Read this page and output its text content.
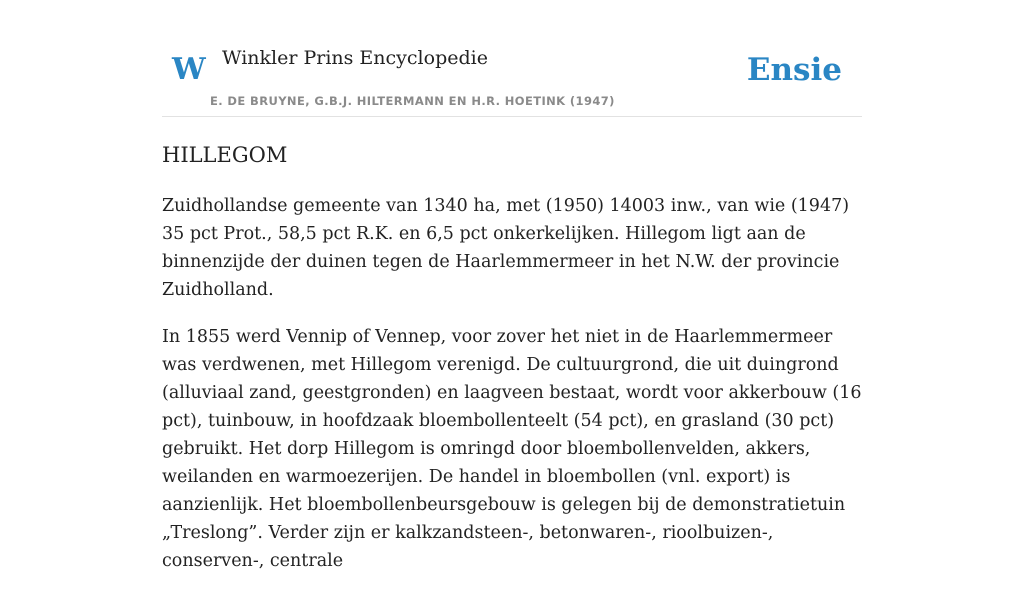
W Winkler Prins Encyclopedie
E. DE BRUYNE, G.B.J. HILTERMANN EN H.R. HOETINK (1947)
Ensie
HILLEGOM

Zuidhollandse gemeente van 1340 ha, met (1950) 14003 inw., van wie (1947) 35 pct Prot., 58,5 pct R.K. en 6,5 pct onkerkelijken. Hillegom ligt aan de binnenzijde der duinen tegen de Haarlemmermeer in het N.W. der provincie Zuidholland.

In 1855 werd Vennip of Vennep, voor zover het niet in de Haarlemmermeer was verdwenen, met Hillegom verenigd. De cultuurgrond, die uit duingrond (alluviaal zand, geestgronden) en laagveen bestaat, wordt voor akkerbouw (16 pct), tuinbouw, in hoofdzaak bloembollenteelt (54 pct), en grasland (30 pct) gebruikt. Het dorp Hillegom is omringd door bloembollenvelden, akkers, weilanden en warmoezerijen. De handel in bloembollen (vnl. export) is aanzienlijk. Het bloembollenbeursgebouw is gelegen bij de demonstratietuin „Treslong”. Verder zijn er kalkzandsteen-, betonwaren-, rioolbuizen-, conserven-, centrale
